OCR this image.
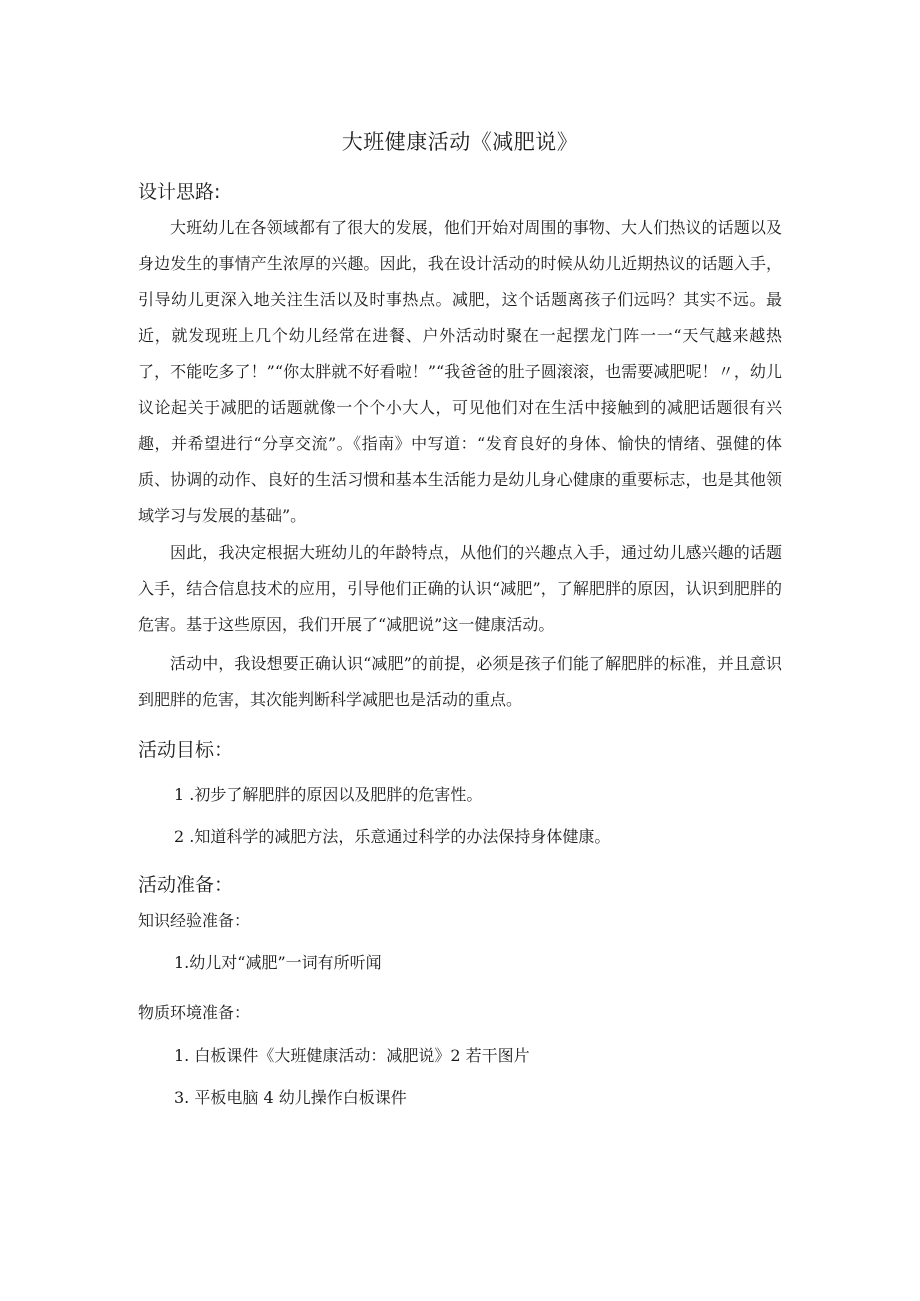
大班健康活动《减肥说》
设计思路:

大班幼儿在各领域都有了很大的发展，他们开始对周围的事物、大人们热议的话题以及身边发生的事情产生浓厚的兴趣。因此，我在设计活动的时候从幼儿近期热议的话题入手，引导幼儿更深入地关注生活以及时事热点。减肥，这个话题离孩子们远吗？其实不远。最近，就发现班上几个幼儿经常在进餐、户外活动时聚在一起摆龙门阵一一“天气越来越热了，不能吃多了！”“你太胖就不好看啦！”“我爸爸的肚子圆滚滚，也需要减肥呢！〃，幼儿议论起关于减肥的话题就像一个个小大人，可见他们对在生活中接触到的减肥话题很有兴趣，并希望进行“分享交流”。《指南》中写道：“发育良好的身体、愉快的情绪、强健的体质、协调的动作、良好的生活习惯和基本生活能力是幼儿身心健康的重要标志，也是其他领域学习与发展的基础”。

因此，我决定根据大班幼儿的年龄特点，从他们的兴趣点入手，通过幼儿感兴趣的话题入手，结合信息技术的应用，引导他们正确的认识“减肥”，了解肥胖的原因，认识到肥胖的危害。基于这些原因，我们开展了“减肥说”这一健康活动。

活动中，我设想要正确认识“减肥”的前提，必须是孩子们能了解肥胖的标准，并且意识到肥胖的危害，其次能判断科学减肥也是活动的重点。

活动目标：
1 .初步了解肥胖的原因以及肥胖的危害性。
2 .知道科学的减肥方法，乐意通过科学的办法保持身体健康。
活动准备：
知识经验准备：
1.幼儿对“减肥”一词有所听闻
物质环境准备：
1. 白板课件《大班健康活动：减肥说》2 若干图片
3. 平板电脑 4 幼儿操作白板课件
